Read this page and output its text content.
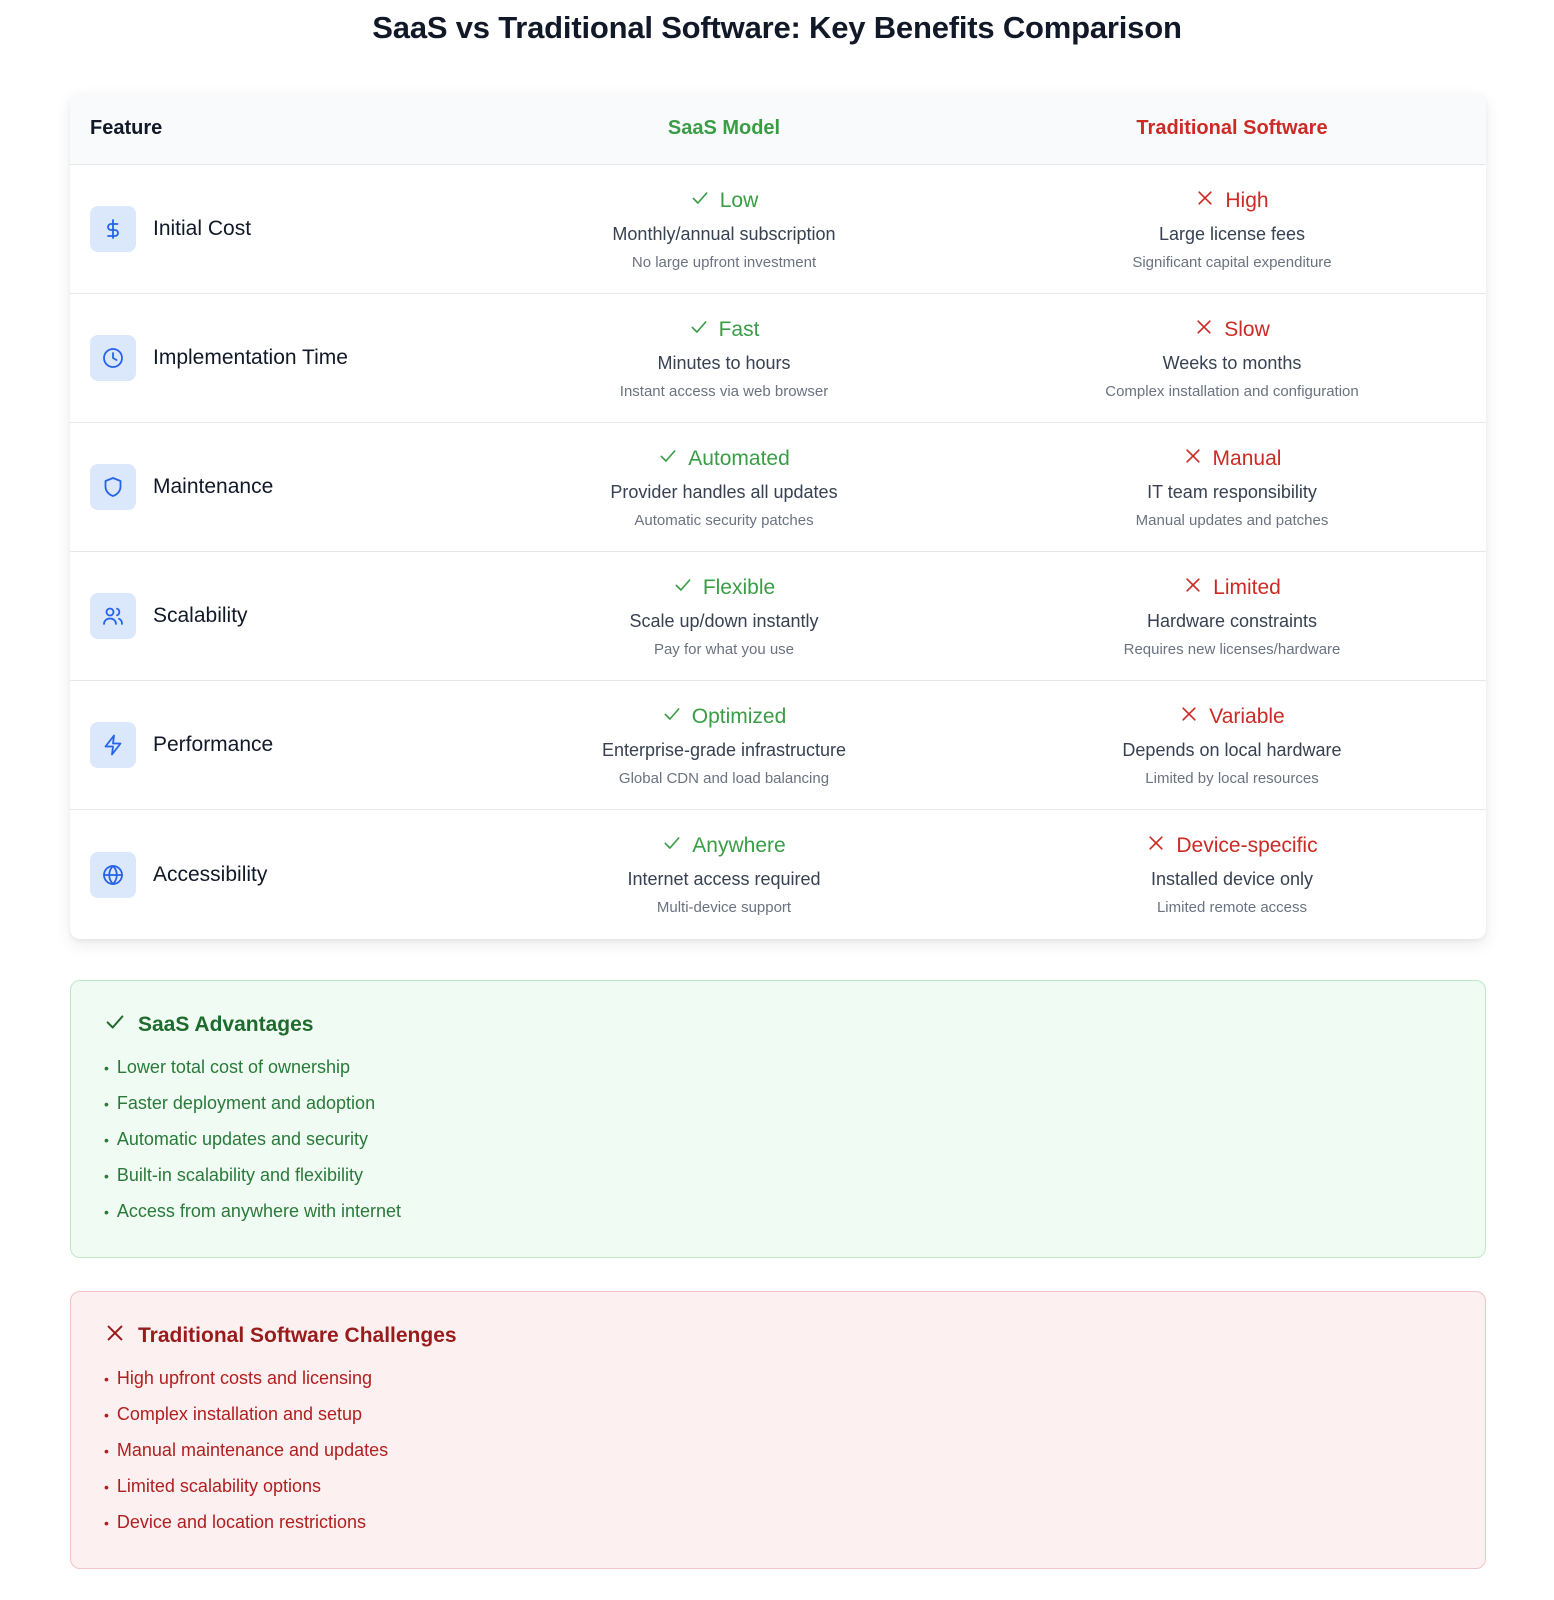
SaaS vs Traditional Software: Key Benefits Comparison
Feature	SaaS Model	Traditional Software
Initial Cost
Low
Monthly/annual subscription
No large upfront investment
High
Large license fees
Significant capital expenditure
Implementation Time
Fast
Minutes to hours
Instant access via web browser
Slow
Weeks to months
Complex installation and configuration
Maintenance
Automated
Provider handles all updates
Automatic security patches
Manual
IT team responsibility
Manual updates and patches
Scalability
Flexible
Scale up/down instantly
Pay for what you use
Limited
Hardware constraints
Requires new licenses/hardware
Performance
Optimized
Enterprise-grade infrastructure
Global CDN and load balancing
Variable
Depends on local hardware
Limited by local resources
Accessibility
Anywhere
Internet access required
Multi-device support
Device-specific
Installed device only
Limited remote access
SaaS Advantages
• Lower total cost of ownership
• Faster deployment and adoption
• Automatic updates and security
• Built-in scalability and flexibility
• Access from anywhere with internet
Traditional Software Challenges
• High upfront costs and licensing
• Complex installation and setup
• Manual maintenance and updates
• Limited scalability options
• Device and location restrictions
